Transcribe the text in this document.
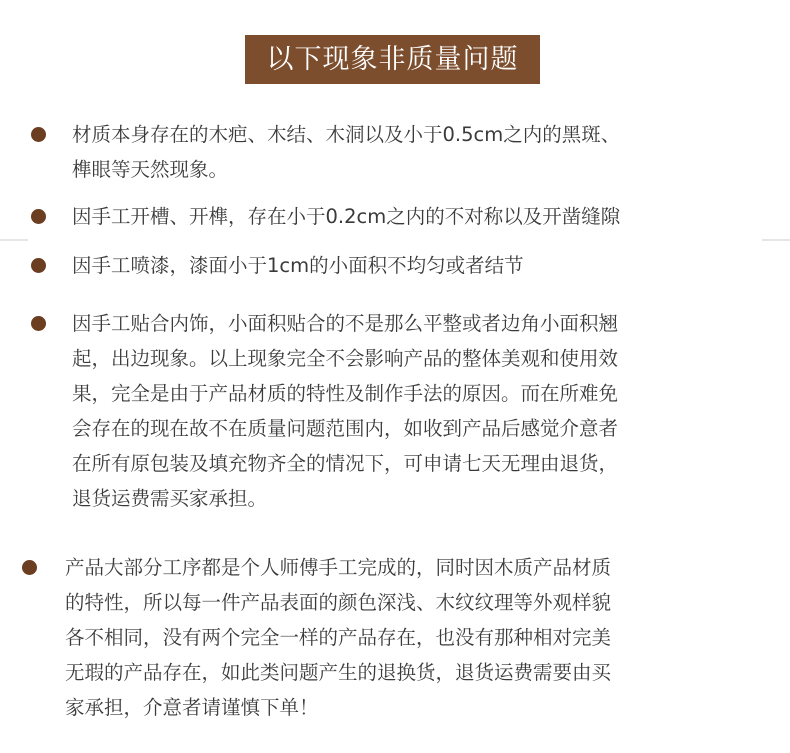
以下现象非质量问题
材质本身存在的木疤、木结、木洞以及小于0.5cm之内的黑斑、
榫眼等天然现象。
因手工开槽、开榫，存在小于0.2cm之内的不对称以及开凿缝隙
因手工喷漆，漆面小于1cm的小面积不均匀或者结节
因手工贴合内饰，小面积贴合的不是那么平整或者边角小面积翘
起，出边现象。以上现象完全不会影响产品的整体美观和使用效
果，完全是由于产品材质的特性及制作手法的原因。而在所难免
会存在的现在故不在质量问题范围内，如收到产品后感觉介意者
在所有原包装及填充物齐全的情况下，可申请七天无理由退货，
退货运费需买家承担。
产品大部分工序都是个人师傅手工完成的，同时因木质产品材质
的特性，所以每一件产品表面的颜色深浅、木纹纹理等外观样貌
各不相同，没有两个完全一样的产品存在，也没有那种相对完美
无瑕的产品存在，如此类问题产生的退换货，退货运费需要由买
家承担，介意者请谨慎下单！
